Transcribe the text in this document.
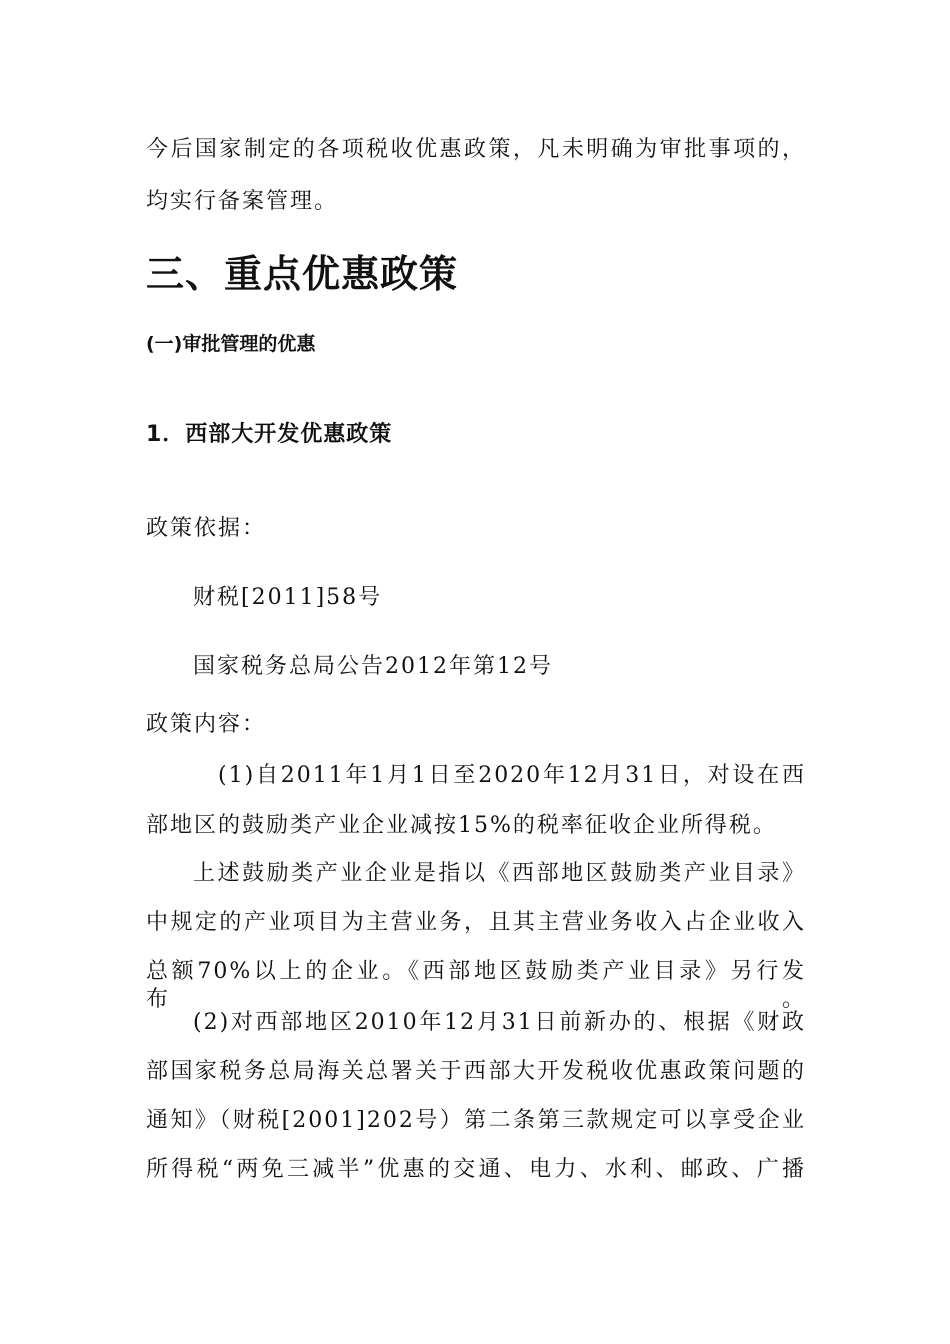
今后国家制定的各项税收优惠政策，凡未明确为审批事项的，
均实行备案管理。
三、重点优惠政策
(一)审批管理的优惠
1．西部大开发优惠政策
政策依据：
财税[2011]58号
国家税务总局公告2012年第12号
政策内容：
(1)自2011年1月1日至2020年12月31日，对设在西
部地区的鼓励类产业企业减按15%的税率征收企业所得税。
上述鼓励类产业企业是指以《西部地区鼓励类产业目录》
中规定的产业项目为主营业务，且其主营业务收入占企业收入
总额70%以上的企业。《西部地区鼓励类产业目录》另行发布。
(2)对西部地区2010年12月31日前新办的、根据《财政
部国家税务总局海关总署关于西部大开发税收优惠政策问题的
通知》（财税[2001]202号）第二条第三款规定可以享受企业
所得税“两免三减半”优惠的交通、电力、水利、邮政、广播
